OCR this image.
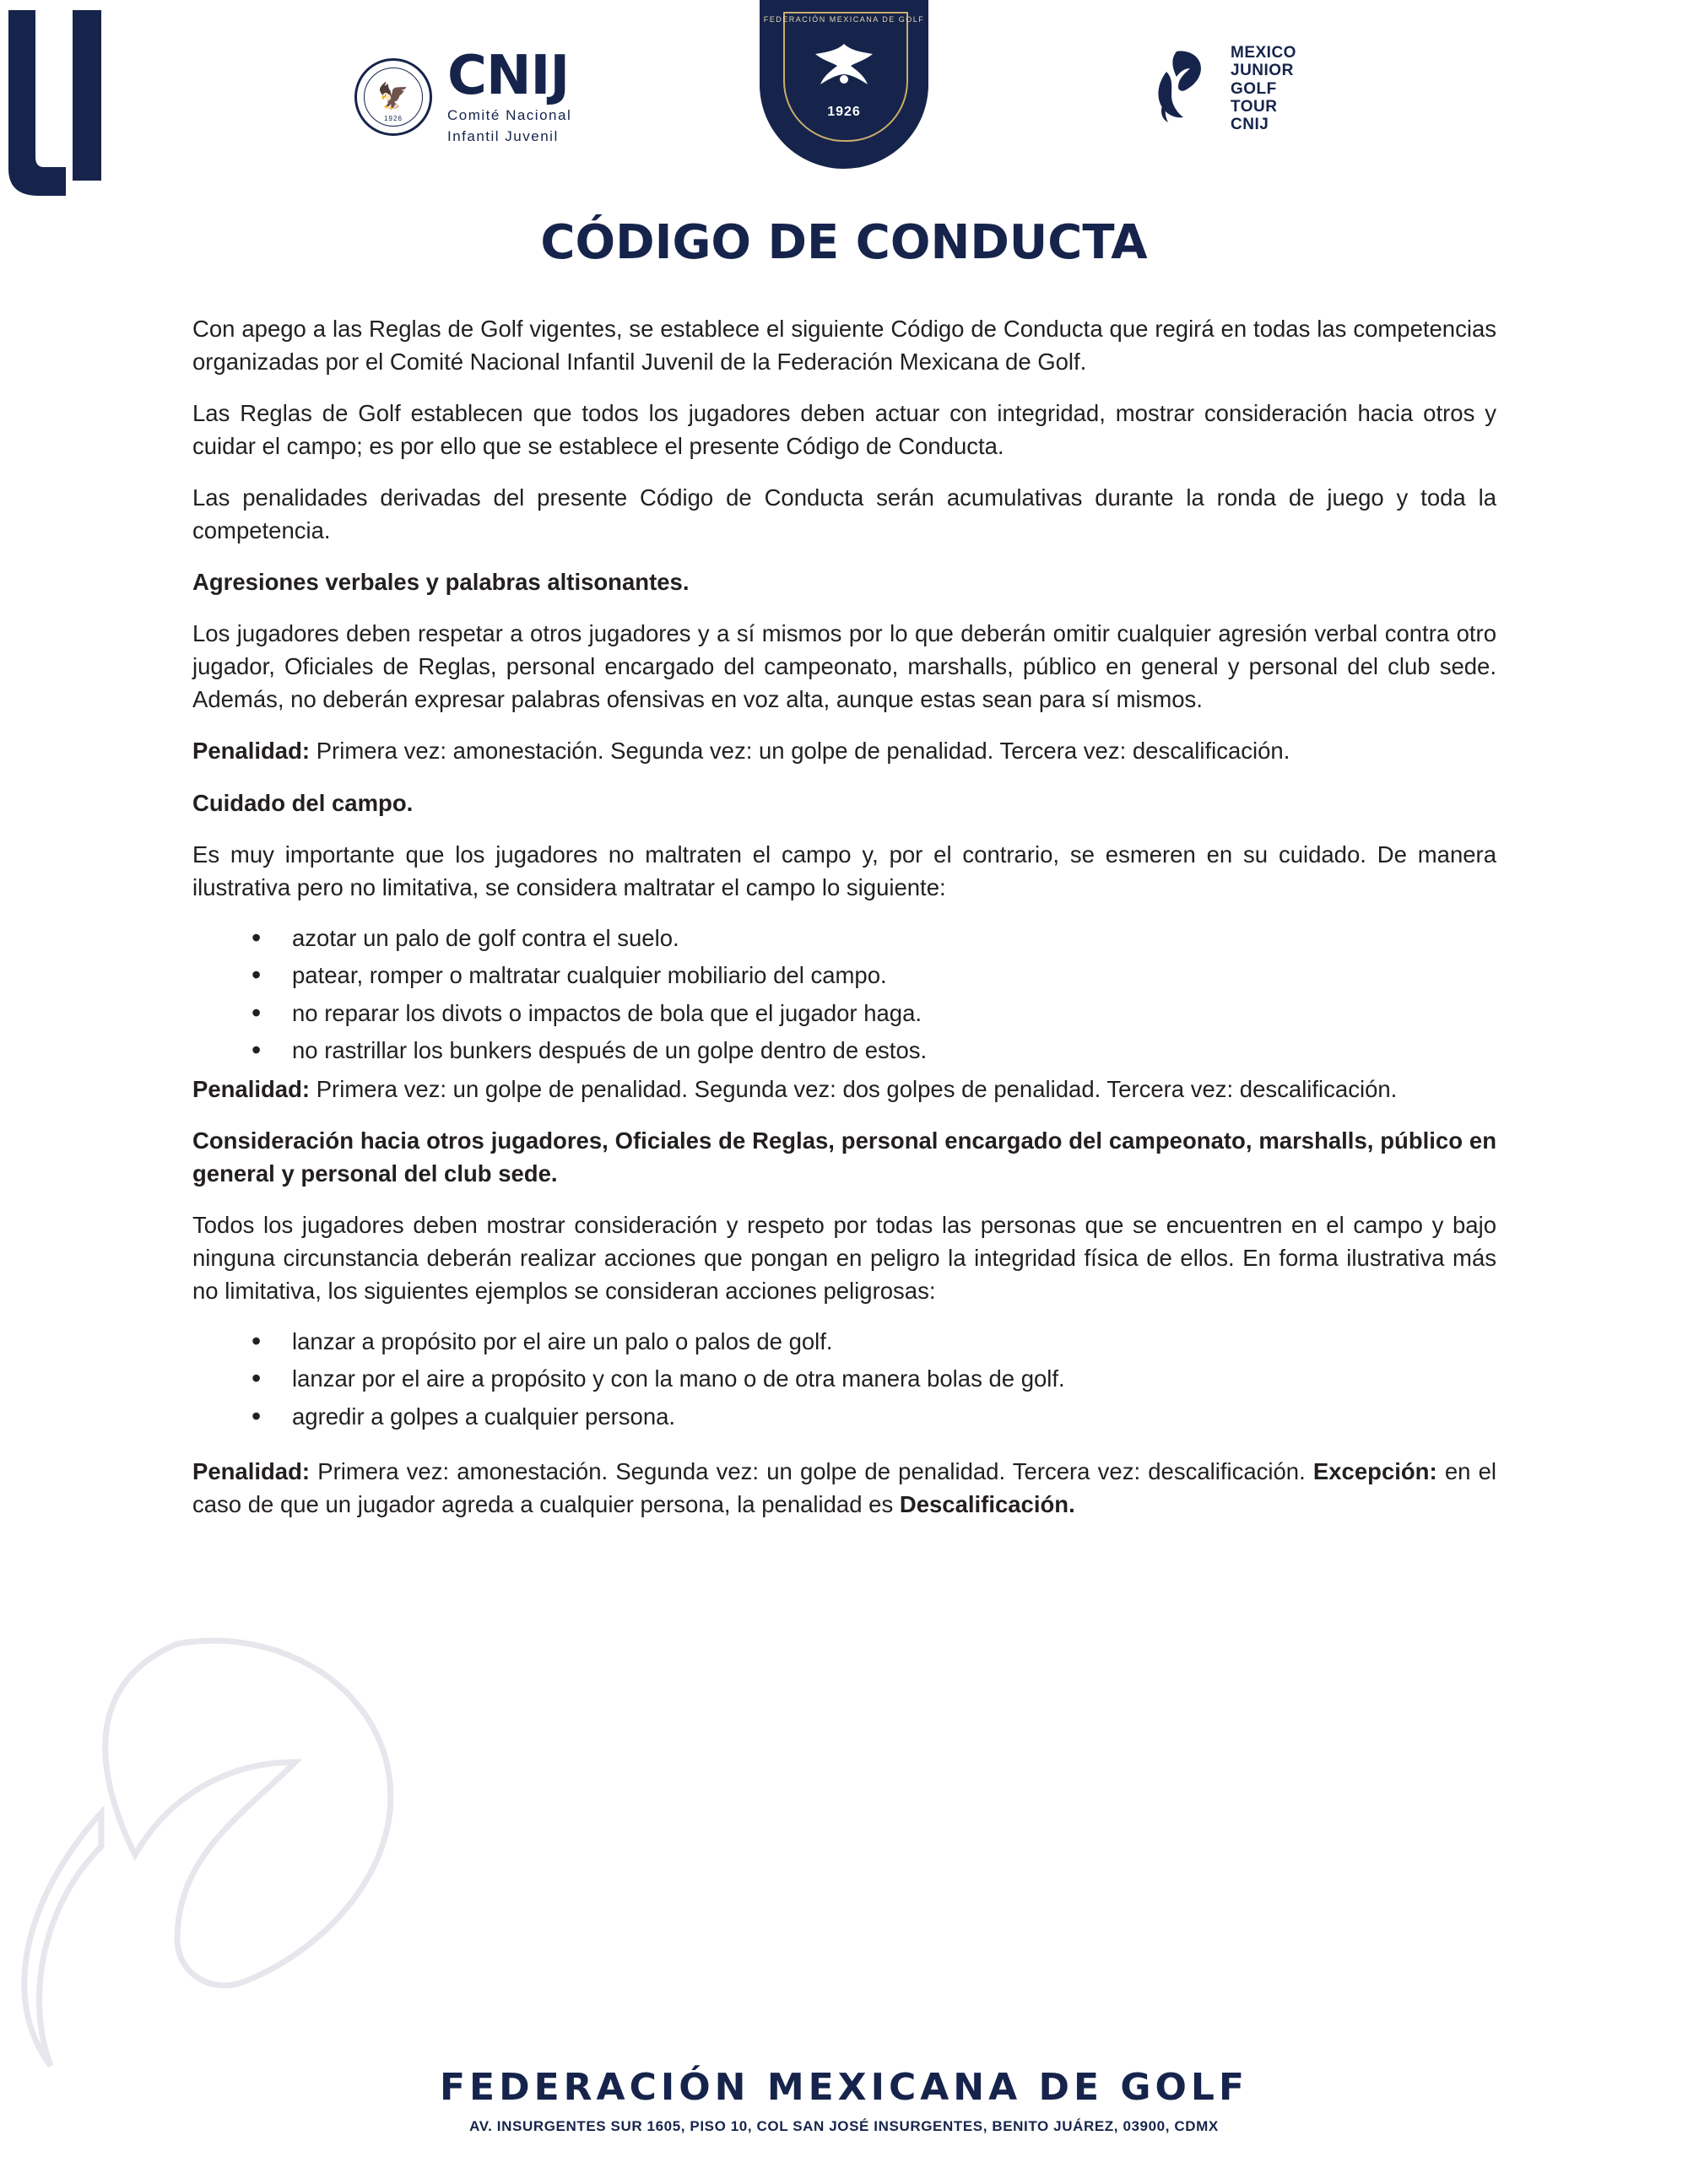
🦅
1926
CNIJ
Comité Nacional
Infantil Juvenil
FEDERACIÓN MEXICANA DE GOLF
1926
MEXICO
JUNIOR
GOLF
TOUR
CNIJ
CÓDIGO DE CONDUCTA

Con apego a las Reglas de Golf vigentes, se establece el siguiente Código de Conducta que regirá en todas las competencias organizadas por el Comité Nacional Infantil Juvenil de la Federación Mexicana de Golf.

Las Reglas de Golf establecen que todos los jugadores deben actuar con integridad, mostrar consideración hacia otros y cuidar el campo; es por ello que se establece el presente Código de Conducta.

Las penalidades derivadas del presente Código de Conducta serán acumulativas durante la ronda de juego y toda la competencia.

Agresiones verbales y palabras altisonantes.

Los jugadores deben respetar a otros jugadores y a sí mismos por lo que deberán omitir cualquier agresión verbal contra otro jugador, Oficiales de Reglas, personal encargado del campeonato, marshalls, público en general y personal del club sede. Además, no deberán expresar palabras ofensivas en voz alta, aunque estas sean para sí mismos.

Penalidad: Primera vez: amonestación. Segunda vez: un golpe de penalidad. Tercera vez: descalificación.

Cuidado del campo.

Es muy importante que los jugadores no maltraten el campo y, por el contrario, se esmeren en su cuidado. De manera ilustrativa pero no limitativa, se considera maltratar el campo lo siguiente:

• azotar un palo de golf contra el suelo.
• patear, romper o maltratar cualquier mobiliario del campo.
• no reparar los divots o impactos de bola que el jugador haga.
• no rastrillar los bunkers después de un golpe dentro de estos.

Penalidad: Primera vez: un golpe de penalidad. Segunda vez: dos golpes de penalidad. Tercera vez: descalificación.

Consideración hacia otros jugadores, Oficiales de Reglas, personal encargado del campeonato, marshalls, público en general y personal del club sede.

Todos los jugadores deben mostrar consideración y respeto por todas las personas que se encuentren en el campo y bajo ninguna circunstancia deberán realizar acciones que pongan en peligro la integridad física de ellos. En forma ilustrativa más no limitativa, los siguientes ejemplos se consideran acciones peligrosas:

• lanzar a propósito por el aire un palo o palos de golf.
• lanzar por el aire a propósito y con la mano o de otra manera bolas de golf.
• agredir a golpes a cualquier persona.

Penalidad: Primera vez: amonestación. Segunda vez: un golpe de penalidad. Tercera vez: descalificación. Excepción: en el caso de que un jugador agreda a cualquier persona, la penalidad es Descalificación.

FEDERACIÓN MEXICANA DE GOLF
AV. INSURGENTES SUR 1605, PISO 10, COL SAN JOSÉ INSURGENTES, BENITO JUÁREZ, 03900, CDMX
